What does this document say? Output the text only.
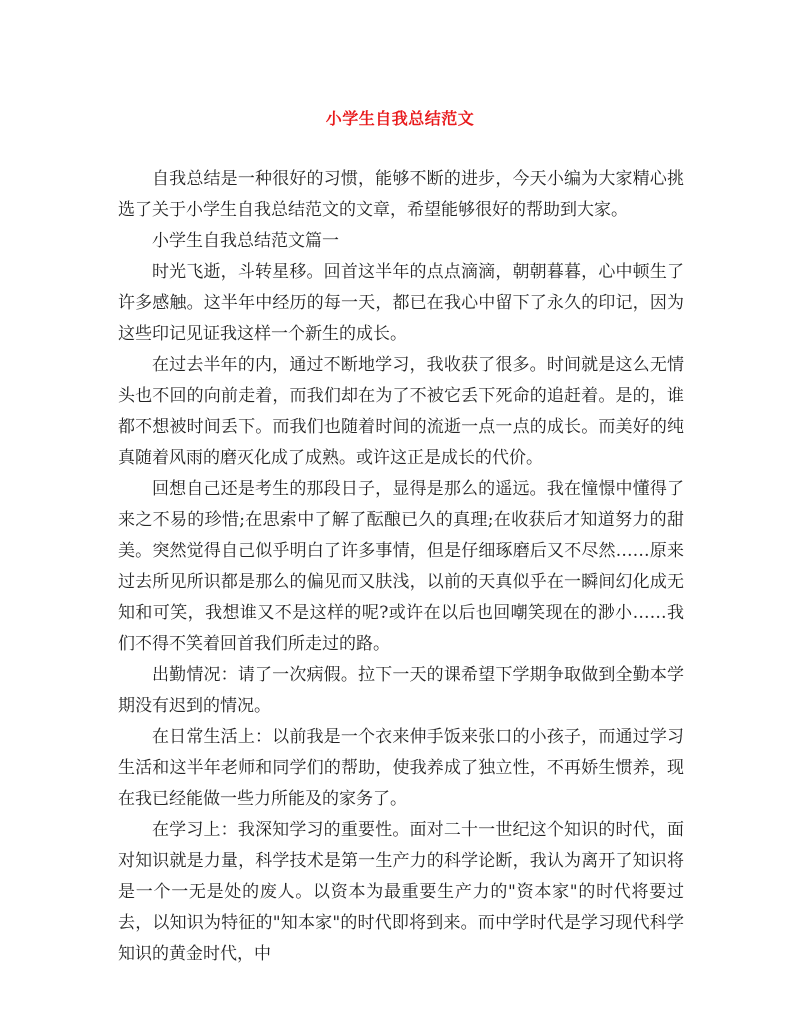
小学生自我总结范文

自我总结是一种很好的习惯，能够不断的进步，今天小编为大家精心挑选了关于小学生自我总结范文的文章，希望能够很好的帮助到大家。

小学生自我总结范文篇一

时光飞逝，斗转星移。回首这半年的点点滴滴，朝朝暮暮，心中顿生了许多感触。这半年中经历的每一天，都已在我心中留下了永久的印记，因为这些印记见证我这样一个新生的成长。

在过去半年的内，通过不断地学习，我收获了很多。时间就是这么无情头也不回的向前走着，而我们却在为了不被它丢下死命的追赶着。是的，谁都不想被时间丢下。而我们也随着时间的流逝一点一点的成长。而美好的纯真随着风雨的磨灭化成了成熟。或许这正是成长的代价。

回想自己还是考生的那段日子，显得是那么的遥远。我在憧憬中懂得了来之不易的珍惜;在思索中了解了酝酿已久的真理;在收获后才知道努力的甜美。突然觉得自己似乎明白了许多事情，但是仔细琢磨后又不尽然……原来过去所见所识都是那么的偏见而又肤浅，以前的天真似乎在一瞬间幻化成无知和可笑，我想谁又不是这样的呢?或许在以后也回嘲笑现在的渺小……我们不得不笑着回首我们所走过的路。

出勤情况：请了一次病假。拉下一天的课希望下学期争取做到全勤本学期没有迟到的情况。

在日常生活上：以前我是一个衣来伸手饭来张口的小孩子，而通过学习生活和这半年老师和同学们的帮助，使我养成了独立性，不再娇生惯养，现在我已经能做一些力所能及的家务了。

在学习上：我深知学习的重要性。面对二十一世纪这个知识的时代，面对知识就是力量，科学技术是第一生产力的科学论断，我认为离开了知识将是一个一无是处的废人。以资本为最重要生产力的"资本家"的时代将要过去，以知识为特征的"知本家"的时代即将到来。而中学时代是学习现代科学知识的黄金时代，中
